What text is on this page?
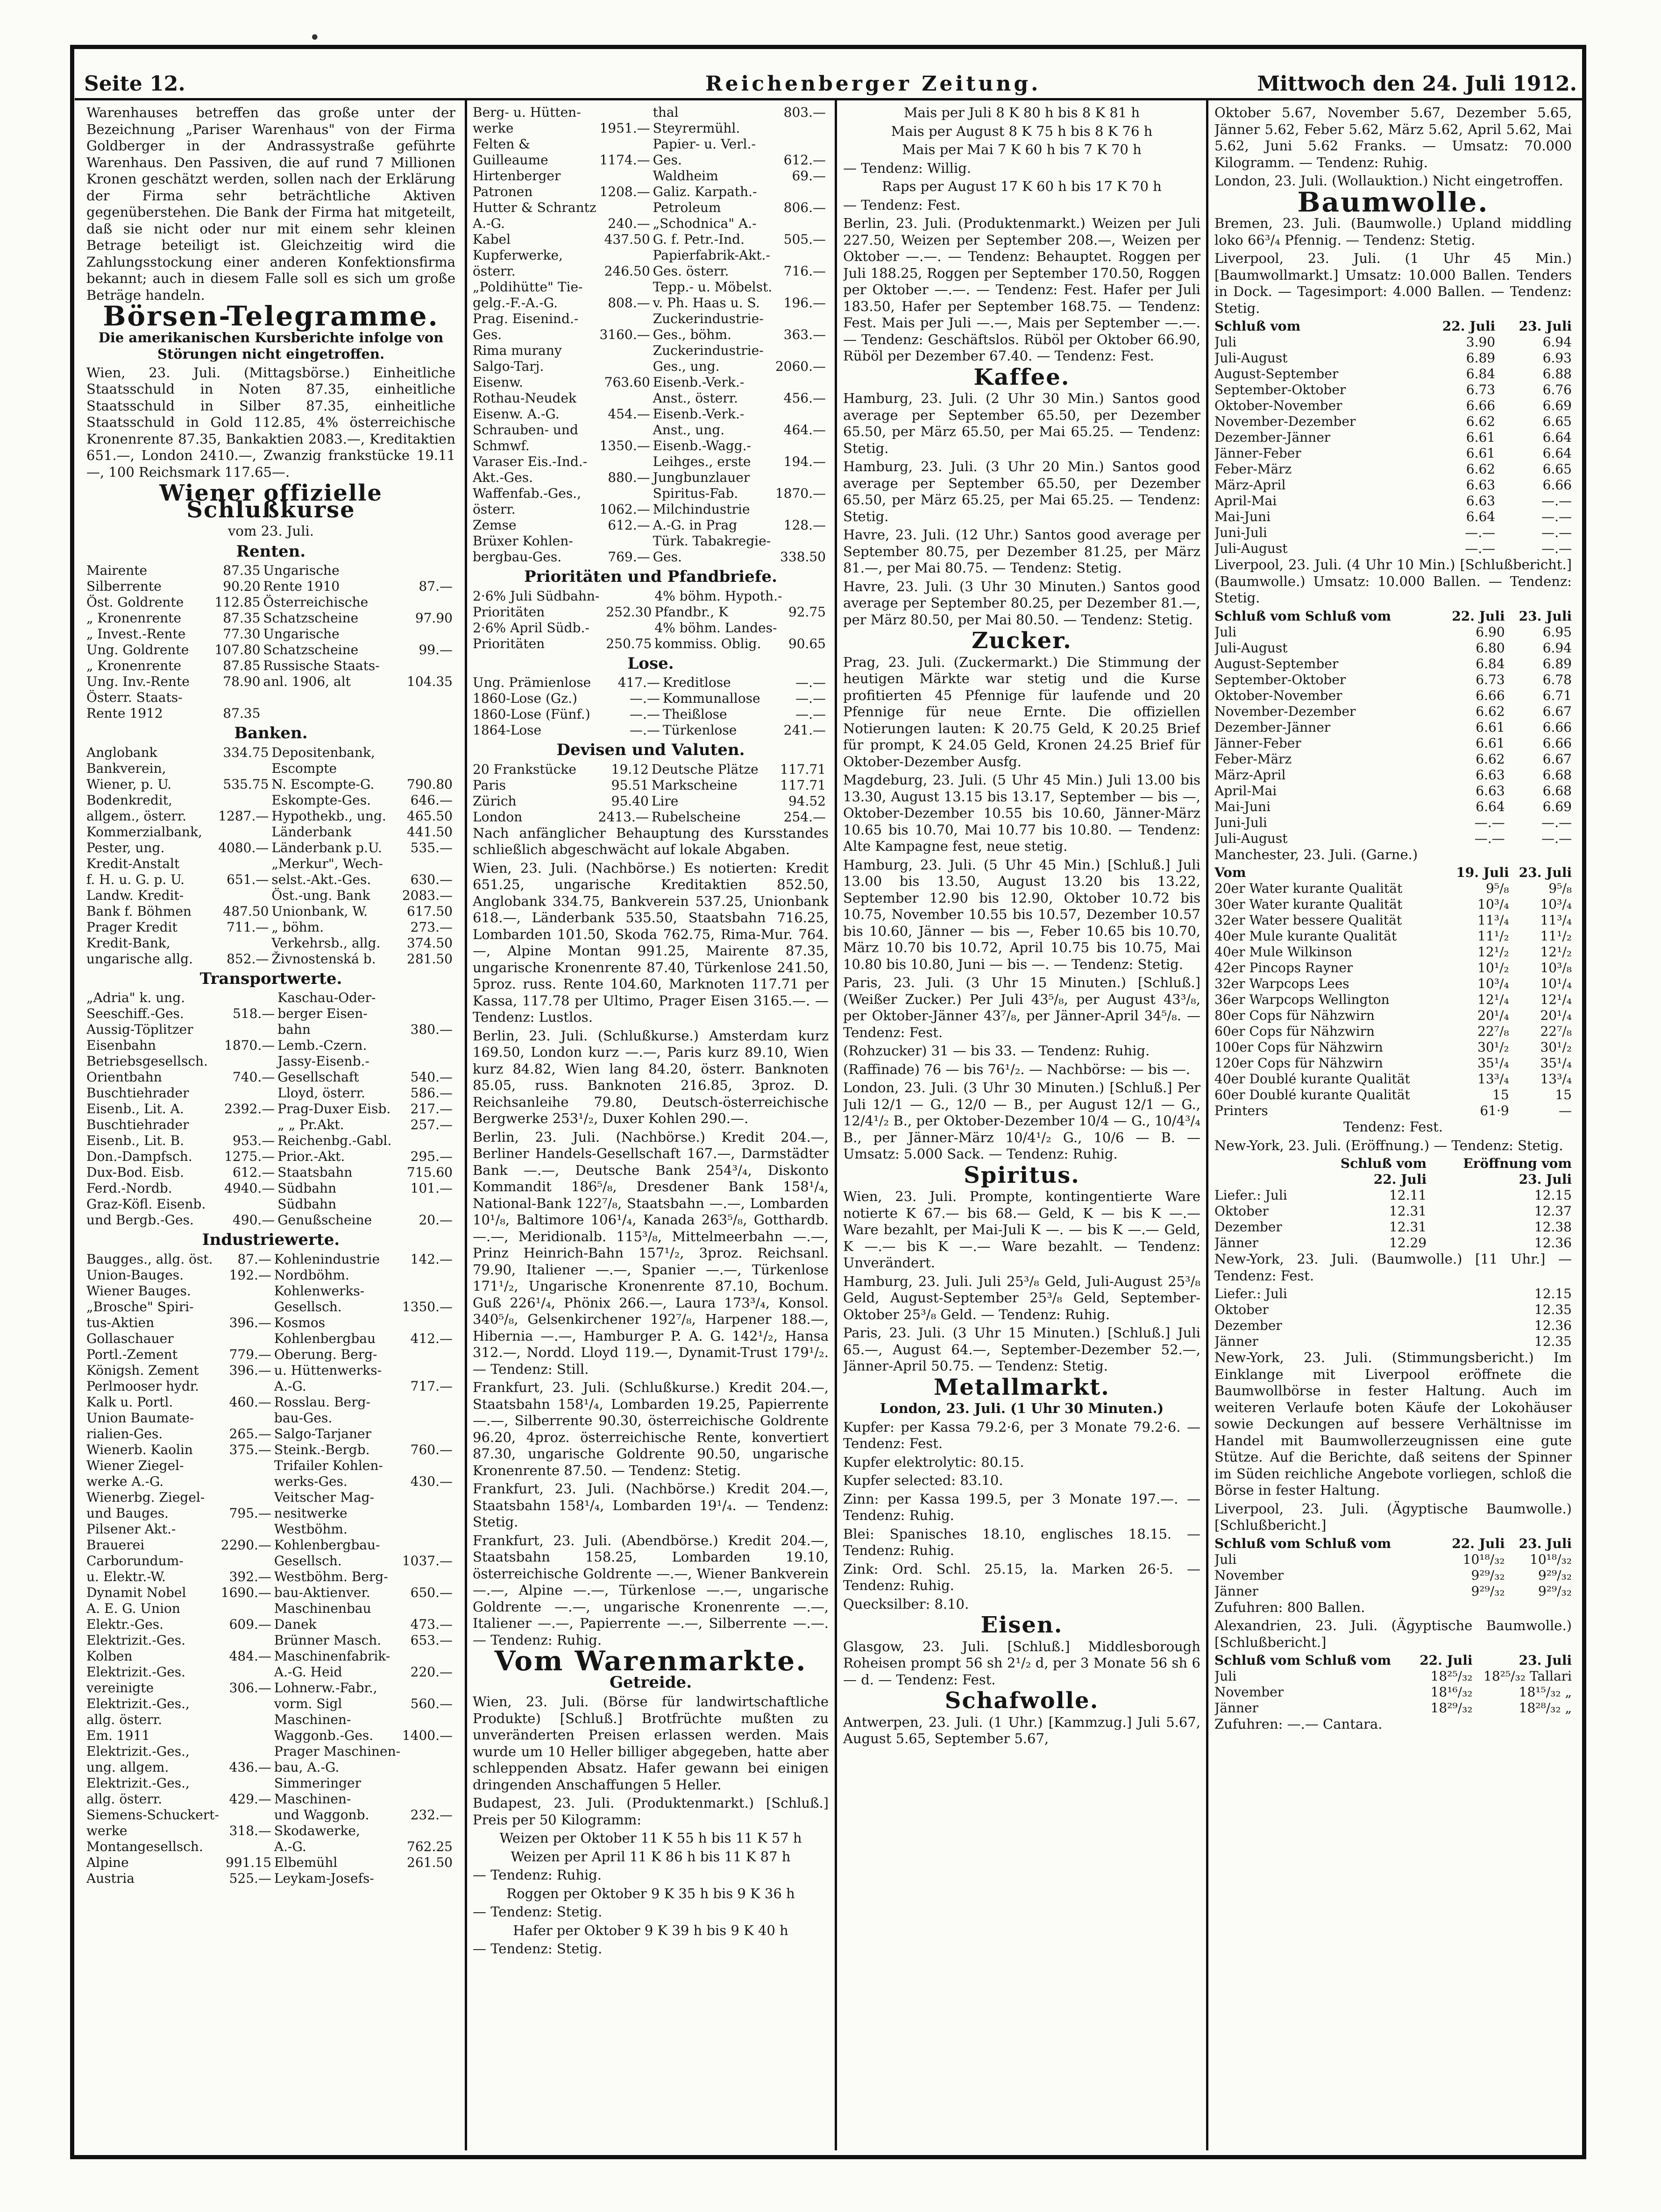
Seite 12.	Reichenberger Zeitung.	Mittwoch den 24. Juli 1912.

Warenhauses betreffen das große unter der Bezeichnung „Pariser Warenhaus" von der Firma Goldberger in der Andrassystraße geführte Warenhaus. Den Passiven, die auf rund 7 Millionen Kronen geschätzt werden, sollen nach der Erklärung der Firma sehr beträchtliche Aktiven gegenüberstehen. Die Bank der Firma hat mitgeteilt, daß sie nicht oder nur mit einem sehr kleinen Betrage beteiligt ist. Gleichzeitig wird die Zahlungsstockung einer anderen Konfektionsfirma bekannt; auch in diesem Falle soll es sich um große Beträge handeln.

Börsen-Telegramme.

Die amerikanischen Kursberichte infolge von Störungen nicht eingetroffen.

Wien, 23. Juli. (Mittagsbörse.) Einheitliche Staatsschuld in Noten 87.35, einheitliche Staatsschuld in Silber 87.35, einheitliche Staatsschuld in Gold 112.85, 4% österreichische Kronenrente 87.35, Bankaktien 2083.—, Kreditaktien 651.—, London 2410.—, Zwanzig frankstücke 19.11—, 100 Reichsmark 117.65—.

Wiener offizielle Schlußkurse

vom 23. Juli.

Renten.
Mairente	87.35	Ungarische	
Silberrente	90.20	Rente 1910	87.—
Öst. Goldrente	112.85	Österreichische	
„ Kronenrente	87.35	Schatzscheine	97.90
„ Invest.-Rente	77.30	Ungarische	
Ung. Goldrente	107.80	Schatzscheine	99.—
„ Kronenrente	87.85	Russische Staats-	
Ung. Inv.-Rente	78.90	anl. 1906, alt	104.35
Österr. Staats-			
Rente 1912	87.35		
Banken.
Anglobank	334.75	Depositenbank,	
Bankverein,		Escompte	
Wiener, p. U.	535.75	N. Escompte-G.	790.80
Bodenkredit,		Eskompte-Ges.	646.—
allgem., österr.	1287.—	Hypothekb., ung.	465.50
Kommerzialbank,		Länderbank	441.50
Pester, ung.	4080.—	Länderbank p.U.	535.—
Kredit-Anstalt		„Merkur", Wech-	
f. H. u. G. p. U.	651.—	selst.-Akt.-Ges.	630.—
Landw. Kredit-		Öst.-ung. Bank	2083.—
Bank f. Böhmen	487.50	Unionbank, W.	617.50
Prager Kredit	711.—	„ böhm.	273.—
Kredit-Bank,		Verkehrsb., allg.	374.50
ungarische allg.	852.—	Živnostenská b.	281.50
Transportwerte.
„Adria" k. ung.		Kaschau-Oder-	
Seeschiff.-Ges.	518.—	berger Eisen-	
Aussig-Töplitzer		bahn	380.—
Eisenbahn	1870.—	Lemb.-Czern.	
Betriebsgesellsch.		Jassy-Eisenb.-	
Orientbahn	740.—	Gesellschaft	540.—
Buschtiehrader		Lloyd, österr.	586.—
Eisenb., Lit. A.	2392.—	Prag-Duxer Eisb.	217.—
Buschtiehrader		„ „ Pr.Akt.	257.—
Eisenb., Lit. B.	953.—	Reichenbg.-Gabl.	
Don.-Dampfsch.	1275.—	Prior.-Akt.	295.—
Dux-Bod. Eisb.	612.—	Staatsbahn	715.60
Ferd.-Nordb.	4940.—	Südbahn	101.—
Graz-Köfl. Eisenb.		Südbahn	
und Bergb.-Ges.	490.—	Genußscheine	20.—
Industriewerte.
Baugges., allg. öst.	87.—	Kohlenindustrie	142.—
Union-Bauges.	192.—	Nordböhm.	
Wiener Bauges.		Kohlenwerks-	
„Brosche" Spiri-		Gesellsch.	1350.—
tus-Aktien	396.—	Kosmos	
Gollaschauer		Kohlenbergbau	412.—
Portl.-Zement	779.—	Oberung. Berg-	
Königsh. Zement	396.—	u. Hüttenwerks-	
Perlmooser hydr.		A.-G.	717.—
Kalk u. Portl.	460.—	Rosslau. Berg-	
Union Baumate-		bau-Ges.	
rialien-Ges.	265.—	Salgo-Tarjaner	
Wienerb. Kaolin	375.—	Steink.-Bergb.	760.—
Wiener Ziegel-		Trifailer Kohlen-	
werke A.-G.		werks-Ges.	430.—
Wienerbg. Ziegel-		Veitscher Mag-	
und Bauges.	795.—	nesitwerke	
Pilsener Akt.-		Westböhm.	
Brauerei	2290.—	Kohlenbergbau-	
Carborundum-		Gesellsch.	1037.—
u. Elektr.-W.	392.—	Westböhm. Berg-	
Dynamit Nobel	1690.—	bau-Aktienver.	650.—
A. E. G. Union		Maschinenbau	
Elektr.-Ges.	609.—	Danek	473.—
Elektrizit.-Ges.		Brünner Masch.	653.—
Kolben	484.—	Maschinenfabrik-	
Elektrizit.-Ges.		A.-G. Heid	220.—
vereinigte	306.—	Lohnerw.-Fabr.,	
Elektrizit.-Ges.,		vorm. Sigl	560.—
allg. österr.		Maschinen-	
Em. 1911		Waggonb.-Ges.	1400.—
Elektrizit.-Ges.,		Prager Maschinen-	
ung. allgem.	436.—	bau, A.-G.	
Elektrizit.-Ges.,		Simmeringer	
allg. österr.	429.—	Maschinen-	
Siemens-Schuckert-		und Waggonb.	232.—
werke	318.—	Skodawerke,	
Montangesellsch.		A.-G.	762.25
Alpine	991.15	Elbemühl	261.50
Austria	525.—	Leykam-Josefs-	
Berg- u. Hütten-		thal	803.—
werke	1951.—	Steyrermühl.	
Felten &		Papier- u. Verl.-	
Guilleaume	1174.—	Ges.	612.—
Hirtenberger		Waldheim	69.—
Patronen	1208.—	Galiz. Karpath.-	
Hutter & Schrantz		Petroleum	806.—
A.-G.	240.—	„Schodnica" A.-	
Kabel	437.50	G. f. Petr.-Ind.	505.—
Kupferwerke,		Papierfabrik-Akt.-	
österr.	246.50	Ges. österr.	716.—
„Poldihütte" Tie-		Tepp.- u. Möbelst.	
gelg.-F.-A.-G.	808.—	v. Ph. Haas u. S.	196.—
Prag. Eisenind.-		Zuckerindustrie-	
Ges.	3160.—	Ges., böhm.	363.—
Rima murany		Zuckerindustrie-	
Salgo-Tarj.		Ges., ung.	2060.—
Eisenw.	763.60	Eisenb.-Verk.-	
Rothau-Neudek		Anst., österr.	456.—
Eisenw. A.-G.	454.—	Eisenb.-Verk.-	
Schrauben- und		Anst., ung.	464.—
Schmwf.	1350.—	Eisenb.-Wagg.-	
Varaser Eis.-Ind.-		Leihges., erste	194.—
Akt.-Ges.	880.—	Jungbunzlauer	
Waffenfab.-Ges.,		Spiritus-Fab.	1870.—
österr.	1062.—	Milchindustrie	
Zemse	612.—	A.-G. in Prag	128.—
Brüxer Kohlen-		Türk. Tabakregie-	
bergbau-Ges.	769.—	Ges.	338.50
Prioritäten und Pfandbriefe.
2·6% Juli Südbahn-		4% böhm. Hypoth.-	
Prioritäten	252.30	Pfandbr., K	92.75
2·6% April Südb.-		4% böhm. Landes-	
Prioritäten	250.75	kommiss. Oblig.	90.65
Lose.
Ung. Prämienlose	417.—	Kreditlose	—.—
1860-Lose (Gz.)	—.—	Kommunallose	—.—
1860-Lose (Fünf.)	—.—	Theißlose	—.—
1864-Lose	—.—	Türkenlose	241.—
Devisen und Valuten.
20 Frankstücke	19.12	Deutsche Plätze	117.71
Paris	95.51	Markscheine	117.71
Zürich	95.40	Lire	94.52
London	2413.—	Rubelscheine	254.—

Nach anfänglicher Behauptung des Kursstandes schließlich abgeschwächt auf lokale Abgaben.

Wien, 23. Juli. (Nachbörse.) Es notierten: Kredit 651.25, ungarische Kreditaktien 852.50, Anglobank 334.75, Bankverein 537.25, Unionbank 618.—, Länderbank 535.50, Staatsbahn 716.25, Lombarden 101.50, Skoda 762.75, Rima-Mur. 764.—, Alpine Montan 991.25, Mairente 87.35, ungarische Kronenrente 87.40, Türkenlose 241.50, 5proz. russ. Rente 104.60, Marknoten 117.71 per Kassa, 117.78 per Ultimo, Prager Eisen 3165.—. — Tendenz: Lustlos.

Berlin, 23. Juli. (Schlußkurse.) Amsterdam kurz 169.50, London kurz —.—, Paris kurz 89.10, Wien kurz 84.82, Wien lang 84.20, österr. Banknoten 85.05, russ. Banknoten 216.85, 3proz. D. Reichsanleihe 79.80, Deutsch-österreichische Bergwerke 253¹/₂, Duxer Kohlen 290.—.

Berlin, 23. Juli. (Nachbörse.) Kredit 204.—, Berliner Handels-Gesellschaft 167.—, Darmstädter Bank —.—, Deutsche Bank 254³/₄, Diskonto Kommandit 186⁵/₈, Dresdener Bank 158¹/₄, National-Bank 122⁷/₈, Staatsbahn —.—, Lombarden 10¹/₈, Baltimore 106¹/₄, Kanada 263⁵/₈, Gotthardb. —.—, Meridionalb. 115³/₈, Mittelmeerbahn —.—, Prinz Heinrich-Bahn 157¹/₂, 3proz. Reichsanl. 79.90, Italiener —.—, Spanier —.—, Türkenlose 171¹/₂, Ungarische Kronenrente 87.10, Bochum. Guß 226¹/₄, Phönix 266.—, Laura 173³/₄, Konsol. 340⁵/₈, Gelsenkirchener 192⁷/₈, Harpener 188.—, Hibernia —.—, Hamburger P. A. G. 142¹/₂, Hansa 312.—, Nordd. Lloyd 119.—, Dynamit-Trust 179¹/₂. — Tendenz: Still.

Frankfurt, 23. Juli. (Schlußkurse.) Kredit 204.—, Staatsbahn 158¹/₄, Lombarden 19.25, Papierrente —.—, Silberrente 90.30, österreichische Goldrente 96.20, 4proz. österreichische Rente, konvertiert 87.30, ungarische Goldrente 90.50, ungarische Kronenrente 87.50. — Tendenz: Stetig.

Frankfurt, 23. Juli. (Nachbörse.) Kredit 204.—, Staatsbahn 158¹/₄, Lombarden 19¹/₄. — Tendenz: Stetig.

Frankfurt, 23. Juli. (Abendbörse.) Kredit 204.—, Staatsbahn 158.25, Lombarden 19.10, österreichische Goldrente —.—, Wiener Bankverein —.—, Alpine —.—, Türkenlose —.—, ungarische Goldrente —.—, ungarische Kronenrente —.—, Italiener —.—, Papierrente —.—, Silberrente —.—. — Tendenz: Ruhig.

Vom Warenmarkte.
Getreide.

Wien, 23. Juli. (Börse für landwirtschaftliche Produkte) [Schluß.] Brotfrüchte mußten zu unveränderten Preisen erlassen werden. Mais wurde um 10 Heller billiger abgegeben, hatte aber schleppenden Absatz. Hafer gewann bei einigen dringenden Anschaffungen 5 Heller.

Budapest, 23. Juli. (Produktenmarkt.) [Schluß.] Preis per 50 Kilogramm:

Weizen per Oktober 11 K 55 h bis 11 K 57 h

Weizen per April 11 K 86 h bis 11 K 87 h

— Tendenz: Ruhig.

Roggen per Oktober 9 K 35 h bis 9 K 36 h

— Tendenz: Stetig.

Hafer per Oktober 9 K 39 h bis 9 K 40 h

— Tendenz: Stetig.

Mais per Juli 8 K 80 h bis 8 K 81 h

Mais per August 8 K 75 h bis 8 K 76 h

Mais per Mai 7 K 60 h bis 7 K 70 h

— Tendenz: Willig.

Raps per August 17 K 60 h bis 17 K 70 h

— Tendenz: Fest.

Berlin, 23. Juli. (Produktenmarkt.) Weizen per Juli 227.50, Weizen per September 208.—, Weizen per Oktober —.—. — Tendenz: Behauptet. Roggen per Juli 188.25, Roggen per September 170.50, Roggen per Oktober —.—. — Tendenz: Fest. Hafer per Juli 183.50, Hafer per September 168.75. — Tendenz: Fest. Mais per Juli —.—, Mais per September —.—. — Tendenz: Geschäftslos. Rüböl per Oktober 66.90, Rüböl per Dezember 67.40. — Tendenz: Fest.

Kaffee.

Hamburg, 23. Juli. (2 Uhr 30 Min.) Santos good average per September 65.50, per Dezember 65.50, per März 65.50, per Mai 65.25. — Tendenz: Stetig.

Hamburg, 23. Juli. (3 Uhr 20 Min.) Santos good average per September 65.50, per Dezember 65.50, per März 65.25, per Mai 65.25. — Tendenz: Stetig.

Havre, 23. Juli. (12 Uhr.) Santos good average per September 80.75, per Dezember 81.25, per März 81.—, per Mai 80.75. — Tendenz: Stetig.

Havre, 23. Juli. (3 Uhr 30 Minuten.) Santos good average per September 80.25, per Dezember 81.—, per März 80.50, per Mai 80.50. — Tendenz: Stetig.

Zucker.

Prag, 23. Juli. (Zuckermarkt.) Die Stimmung der heutigen Märkte war stetig und die Kurse profitierten 45 Pfennige für laufende und 20 Pfennige für neue Ernte. Die offiziellen Notierungen lauten: K 20.75 Geld, K 20.25 Brief für prompt, K 24.05 Geld, Kronen 24.25 Brief für Oktober-Dezember Ausfg.

Magdeburg, 23. Juli. (5 Uhr 45 Min.) Juli 13.00 bis 13.30, August 13.15 bis 13.17, September — bis —, Oktober-Dezember 10.55 bis 10.60, Jänner-März 10.65 bis 10.70, Mai 10.77 bis 10.80. — Tendenz: Alte Kampagne fest, neue stetig.

Hamburg, 23. Juli. (5 Uhr 45 Min.) [Schluß.] Juli 13.00 bis 13.50, August 13.20 bis 13.22, September 12.90 bis 12.90, Oktober 10.72 bis 10.75, November 10.55 bis 10.57, Dezember 10.57 bis 10.60, Jänner — bis —, Feber 10.65 bis 10.70, März 10.70 bis 10.72, April 10.75 bis 10.75, Mai 10.80 bis 10.80, Juni — bis —. — Tendenz: Stetig.

Paris, 23. Juli. (3 Uhr 15 Minuten.) [Schluß.] (Weißer Zucker.) Per Juli 43⁵/₈, per August 43³/₈, per Oktober-Jänner 43⁷/₈, per Jänner-April 34⁵/₈. — Tendenz: Fest.

(Rohzucker) 31 — bis 33. — Tendenz: Ruhig.

(Raffinade) 76 — bis 76¹/₂. — Nachbörse: — bis —.

London, 23. Juli. (3 Uhr 30 Minuten.) [Schluß.] Per Juli 12/1 — G., 12/0 — B., per August 12/1 — G., 12/4¹/₂ B., per Oktober-Dezember 10/4 — G., 10/4³/₄ B., per Jänner-März 10/4¹/₂ G., 10/6 — B. — Umsatz: 5.000 Sack. — Tendenz: Ruhig.

Spiritus.

Wien, 23. Juli. Prompte, kontingentierte Ware notierte K 67.— bis 68.— Geld, K — bis K —.— Ware bezahlt, per Mai-Juli K —. — bis K —.— Geld, K —.— bis K —.— Ware bezahlt. — Tendenz: Unverändert.

Hamburg, 23. Juli. Juli 25³/₈ Geld, Juli-August 25³/₈ Geld, August-September 25³/₈ Geld, September-Oktober 25³/₈ Geld. — Tendenz: Ruhig.

Paris, 23. Juli. (3 Uhr 15 Minuten.) [Schluß.] Juli 65.—, August 64.—, September-Dezember 52.—, Jänner-April 50.75. — Tendenz: Stetig.

Metallmarkt.

London, 23. Juli. (1 Uhr 30 Minuten.)

Kupfer: per Kassa 79.2·6, per 3 Monate 79.2·6. — Tendenz: Fest.

Kupfer elektrolytic: 80.15.

Kupfer selected: 83.10.

Zinn: per Kassa 199.5, per 3 Monate 197.—. — Tendenz: Ruhig.

Blei: Spanisches 18.10, englisches 18.15. — Tendenz: Ruhig.

Zink: Ord. Schl. 25.15, la. Marken 26·5. — Tendenz: Ruhig.

Quecksilber: 8.10.

Eisen.

Glasgow, 23. Juli. [Schluß.] Middlesborough Roheisen prompt 56 sh 2¹/₂ d, per 3 Monate 56 sh 6 — d. — Tendenz: Fest.

Schafwolle.

Antwerpen, 23. Juli. (1 Uhr.) [Kammzug.] Juli 5.67, August 5.65, September 5.67,

Oktober 5.67, November 5.67, Dezember 5.65, Jänner 5.62, Feber 5.62, März 5.62, April 5.62, Mai 5.62, Juni 5.62 Franks. — Umsatz: 70.000 Kilogramm. — Tendenz: Ruhig.

London, 23. Juli. (Wollauktion.) Nicht eingetroffen.

Baumwolle.

Bremen, 23. Juli. (Baumwolle.) Upland middling loko 66³/₄ Pfennig. — Tendenz: Stetig.

Liverpool, 23. Juli. (1 Uhr 45 Min.) [Baumwollmarkt.] Umsatz: 10.000 Ballen. Tenders in Dock. — Tagesimport: 4.000 Ballen. — Tendenz: Stetig.

Schluß vom	22. Juli	23. Juli
Juli	3.90	6.94
Juli-August	6.89	6.93
August-September	6.84	6.88
September-Oktober	6.73	6.76
Oktober-November	6.66	6.69
November-Dezember	6.62	6.65
Dezember-Jänner	6.61	6.64
Jänner-Feber	6.61	6.64
Feber-März	6.62	6.65
März-April	6.63	6.66
April-Mai	6.63	—.—
Mai-Juni	6.64	—.—
Juni-Juli	—.—	—.—
Juli-August	—.—	—.—

Liverpool, 23. Juli. (4 Uhr 10 Min.) [Schlußbericht.] (Baumwolle.) Umsatz: 10.000 Ballen. — Tendenz: Stetig.

Schluß vom Schluß vom	22. Juli	23. Juli
Juli	6.90	6.95
Juli-August	6.80	6.94
August-September	6.84	6.89
September-Oktober	6.73	6.78
Oktober-November	6.66	6.71
November-Dezember	6.62	6.67
Dezember-Jänner	6.61	6.66
Jänner-Feber	6.61	6.66
Feber-März	6.62	6.67
März-April	6.63	6.68
April-Mai	6.63	6.68
Mai-Juni	6.64	6.69
Juni-Juli	—.—	—.—
Juli-August	—.—	—.—

Manchester, 23. Juli. (Garne.)

Vom	19. Juli	23. Juli
20er Water kurante Qualität	9⁵/₈	9⁵/₈
30er Water kurante Qualität	10³/₄	10³/₄
32er Water bessere Qualität	11³/₄	11³/₄
40er Mule kurante Qualität	11¹/₂	11¹/₂
40er Mule Wilkinson	12¹/₂	12¹/₂
42er Pincops Rayner	10¹/₂	10³/₈
32er Warpcops Lees	10³/₄	10¹/₄
36er Warpcops Wellington	12¹/₄	12¹/₄
80er Cops für Nähzwirn	20¹/₄	20¹/₄
60er Cops für Nähzwirn	22⁷/₈	22⁷/₈
100er Cops für Nähzwirn	30¹/₂	30¹/₂
120er Cops für Nähzwirn	35¹/₄	35¹/₄
40er Doublé kurante Qualität	13³/₄	13³/₄
60er Doublé kurante Qualität	15	15
Printers	61·9	—

Tendenz: Fest.

New-York, 23. Juli. (Eröffnung.) — Tendenz: Stetig.

	Schluß vom	Eröffnung vom
	22. Juli	23. Juli
Liefer.: Juli	12.11	12.15
Oktober	12.31	12.37
Dezember	12.31	12.38
Jänner	12.29	12.36

New-York, 23. Juli. (Baumwolle.) [11 Uhr.] — Tendenz: Fest.

Liefer.: Juli	12.15
Oktober	12.35
Dezember	12.36
Jänner	12.35

New-York, 23. Juli. (Stimmungsbericht.) Im Einklange mit Liverpool eröffnete die Baumwollbörse in fester Haltung. Auch im weiteren Verlaufe boten Käufe der Lokohäuser sowie Deckungen auf bessere Verhältnisse im Handel mit Baumwollerzeugnissen eine gute Stütze. Auf die Berichte, daß seitens der Spinner im Süden reichliche Angebote vorliegen, schloß die Börse in fester Haltung.

Liverpool, 23. Juli. (Ägyptische Baumwolle.) [Schlußbericht.]

Schluß vom Schluß vom	22. Juli	23. Juli
Juli	10¹⁸/₃₂	10¹⁸/₃₂
November	9²⁹/₃₂	9²⁹/₃₂
Jänner	9²⁹/₃₂	9²⁹/₃₂

Zufuhren: 800 Ballen.

Alexandrien, 23. Juli. (Ägyptische Baumwolle.) [Schlußbericht.]

Schluß vom Schluß vom	22. Juli	23. Juli
Juli	18²⁵/₃₂	18²⁵/₃₂ Tallari
November	18¹⁶/₃₂	18¹⁵/₃₂ „
Jänner	18²⁹/₃₂	18²⁸/₃₂ „

Zufuhren: —.— Cantara.

•
